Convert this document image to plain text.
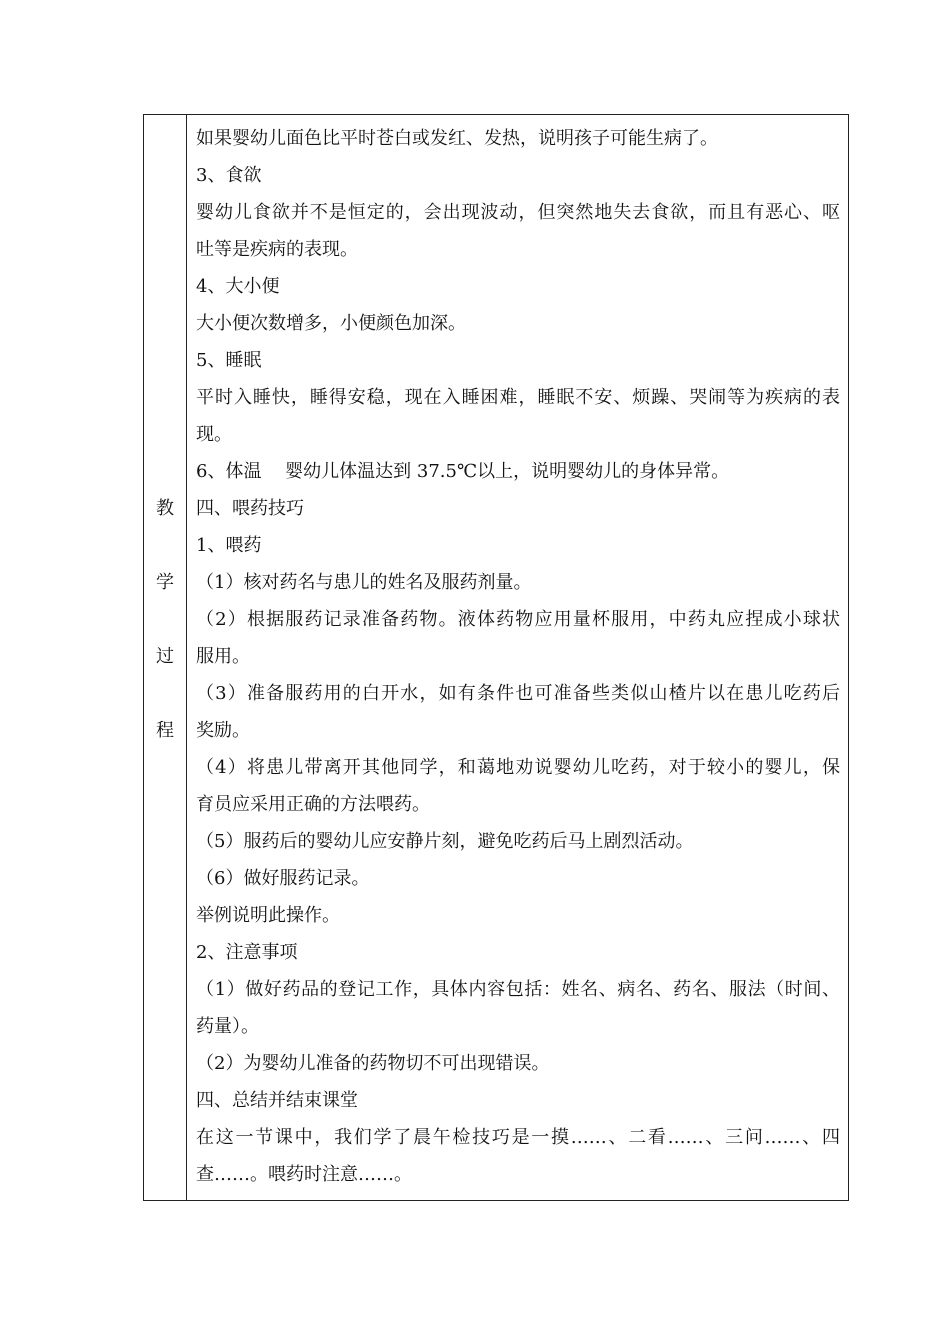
教
学
过
程
如果婴幼儿面色比平时苍白或发红、发热，说明孩子可能生病了。
3、食欲
婴幼儿食欲并不是恒定的，会出现波动，但突然地失去食欲，而且有恶心、呕
吐等是疾病的表现。
4、大小便
大小便次数增多，小便颜色加深。
5、睡眠
平时入睡快，睡得安稳，现在入睡困难，睡眠不安、烦躁、哭闹等为疾病的表
现。
6、体温　 婴幼儿体温达到 37.5℃以上，说明婴幼儿的身体异常。
四、喂药技巧
1、喂药
（1）核对药名与患儿的姓名及服药剂量。
（2）根据服药记录准备药物。液体药物应用量杯服用，中药丸应捏成小球状
服用。
（3）准备服药用的白开水，如有条件也可准备些类似山楂片以在患儿吃药后
奖励。
（4）将患儿带离开其他同学，和蔼地劝说婴幼儿吃药，对于较小的婴儿，保
育员应采用正确的方法喂药。
（5）服药后的婴幼儿应安静片刻，避免吃药后马上剧烈活动。
（6）做好服药记录。
举例说明此操作。
2、注意事项
（1）做好药品的登记工作，具体内容包括：姓名、病名、药名、服法（时间、
药量）。
（2）为婴幼儿准备的药物切不可出现错误。
四、总结并结束课堂
在这一节课中，我们学了晨午检技巧是一摸……、二看……、三问……、四
查……。喂药时注意……。
